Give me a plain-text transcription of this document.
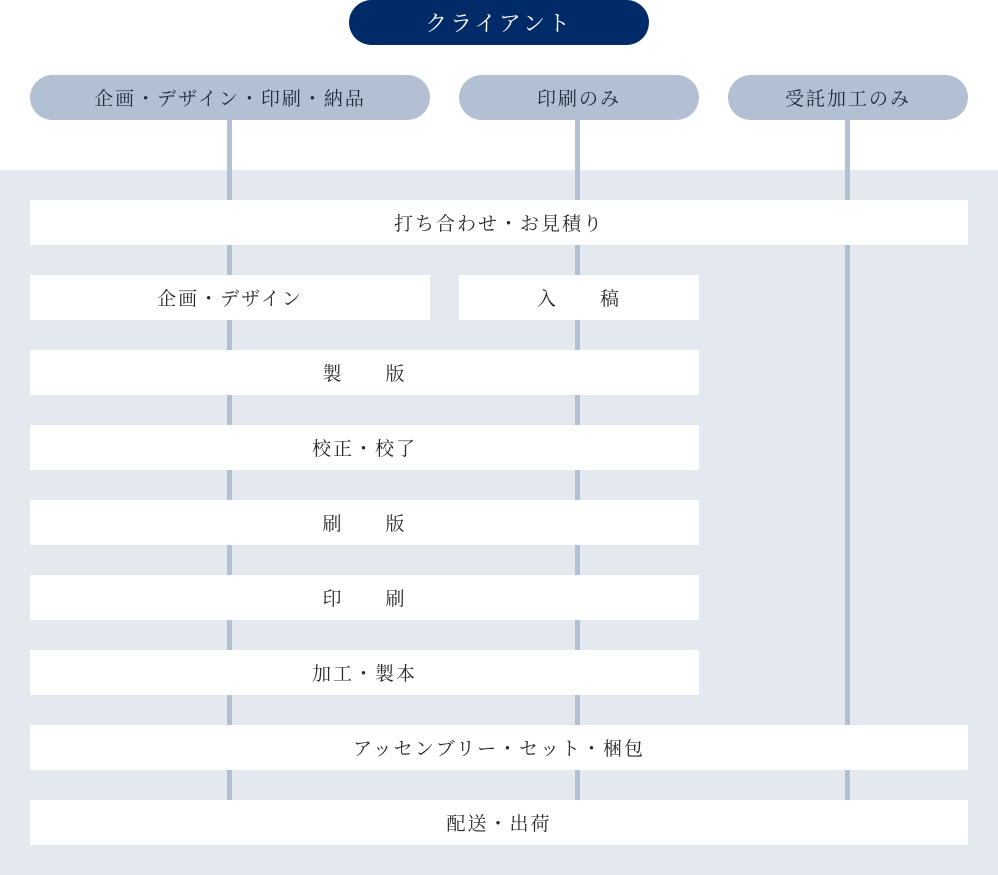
クライアント
企画・デザイン・印刷・納品	印刷のみ	受託加工のみ
打ち合わせ・お見積り
企画・デザイン	入　　稿
製　　版
校正・校了
刷　　版
印　　刷
加工・製本
アッセンブリー・セット・梱包
配送・出荷
